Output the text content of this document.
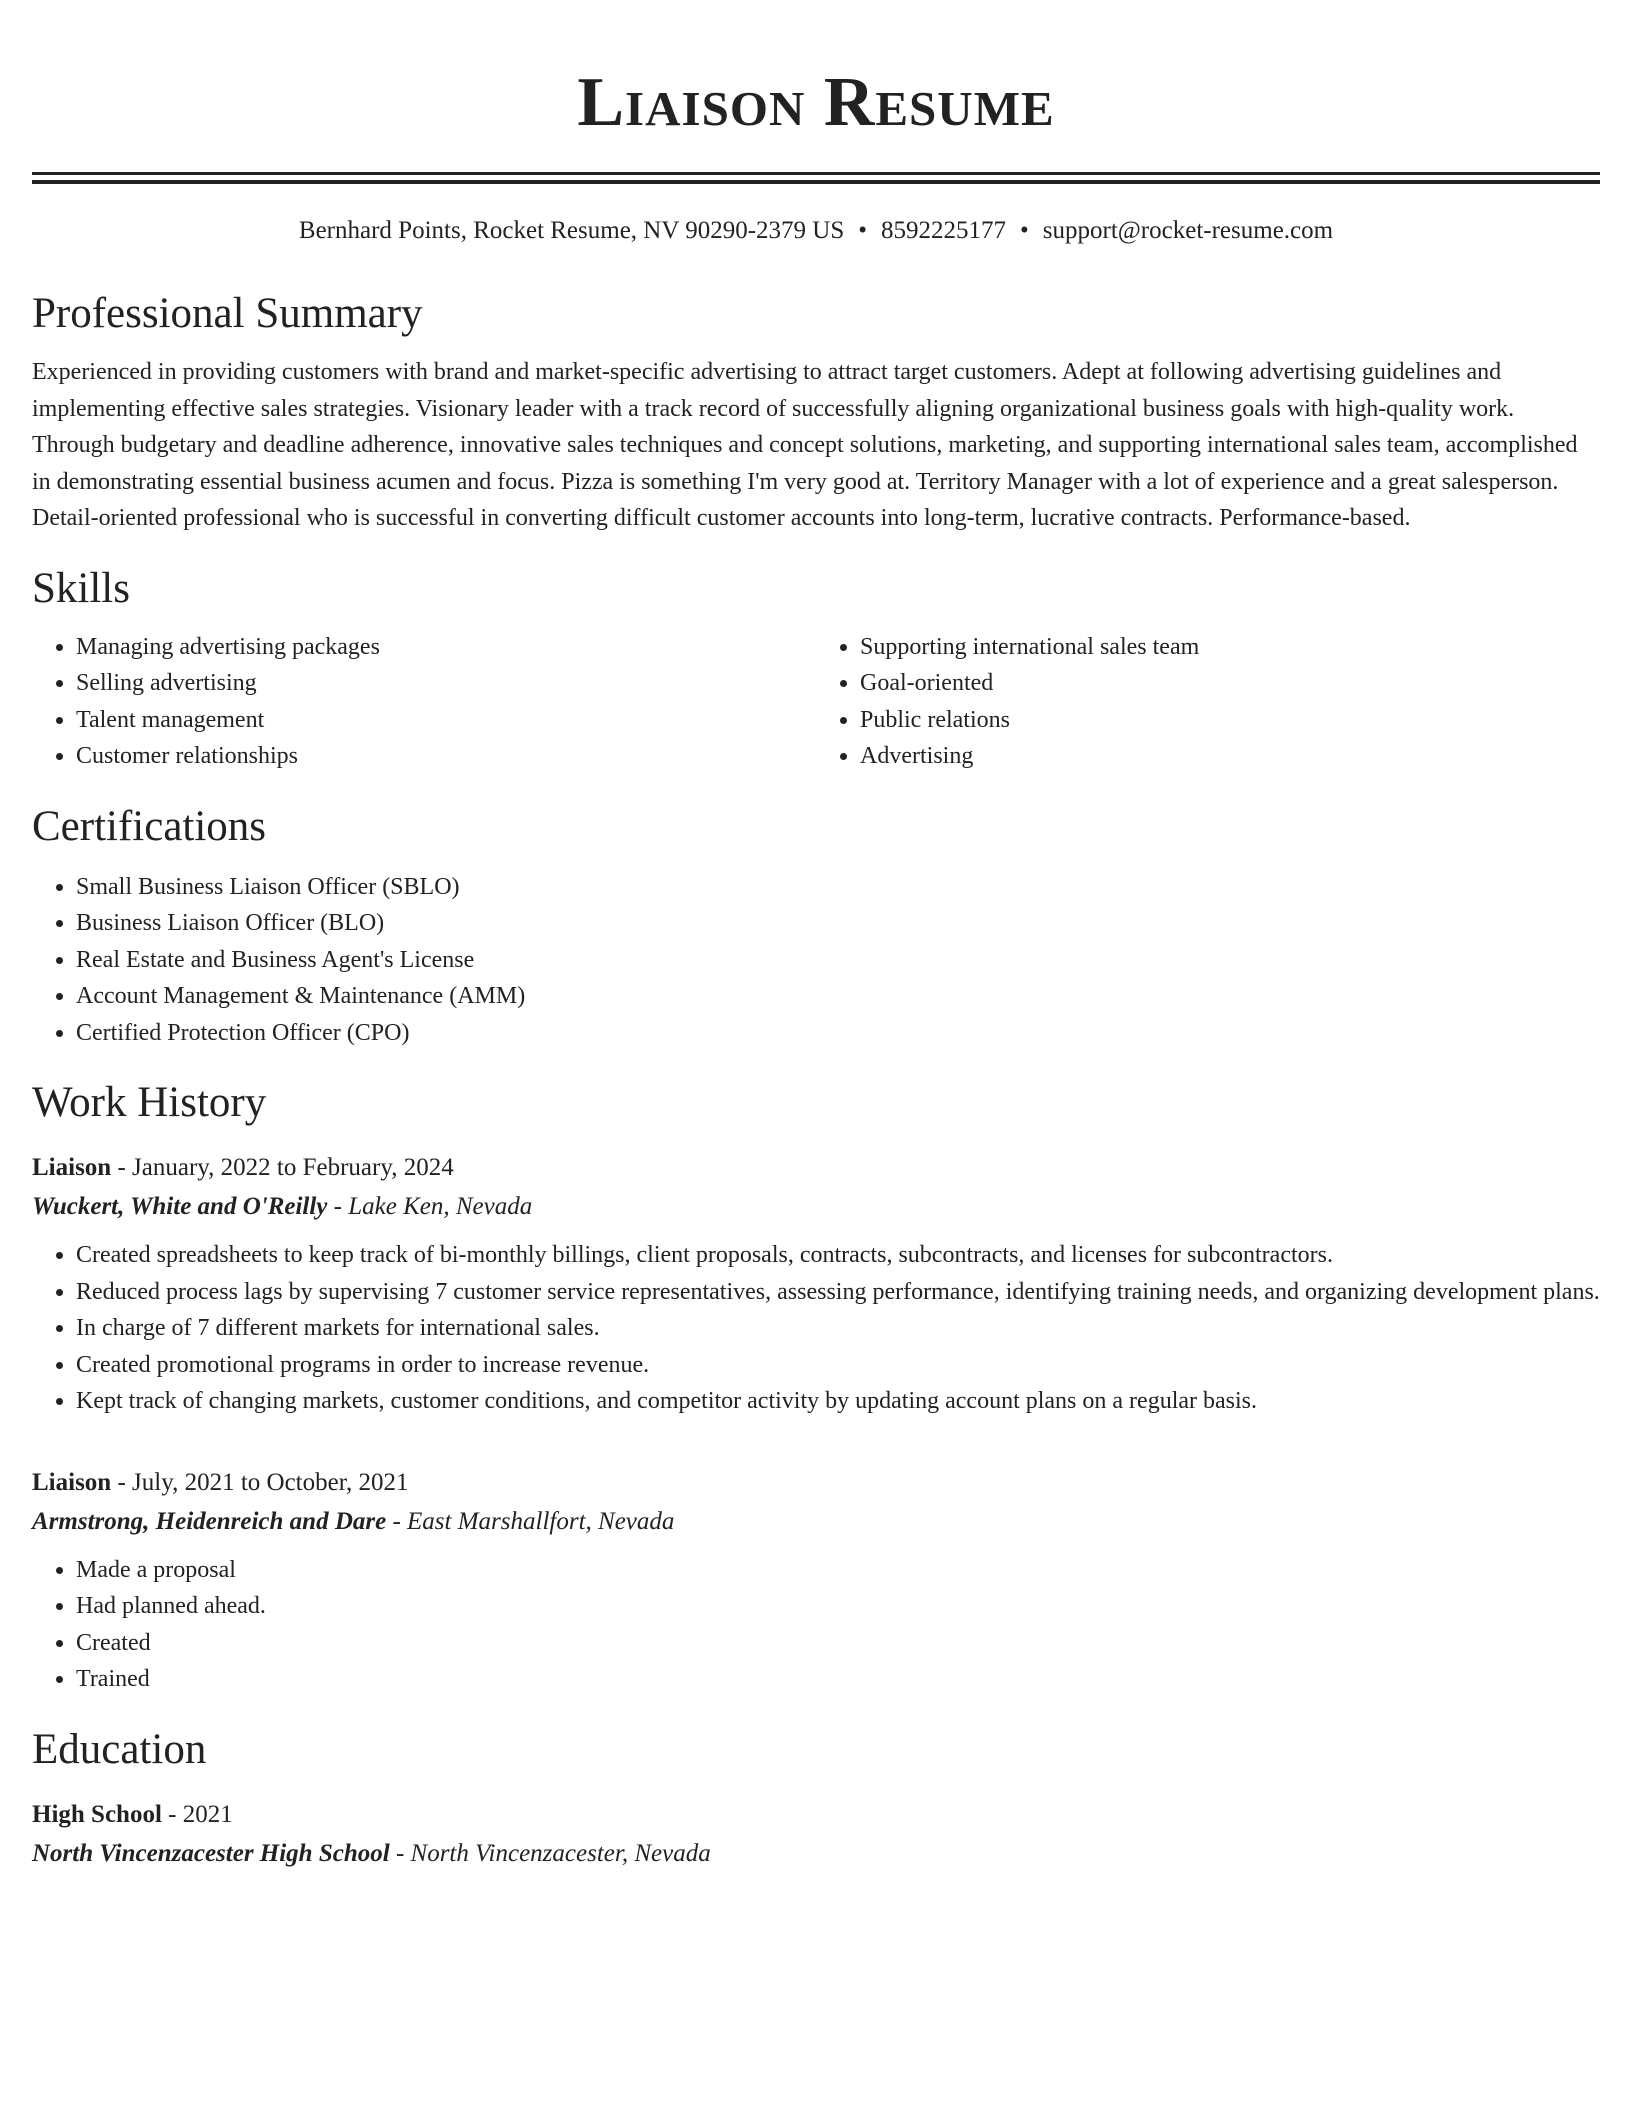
Liaison Resume
Bernhard Points, Rocket Resume, NV 90290-2379 US • 8592225177 • support@rocket-resume.com
Professional Summary

Experienced in providing customers with brand and market-specific advertising to attract target customers. Adept at following advertising guidelines and implementing effective sales strategies. Visionary leader with a track record of successfully aligning organizational business goals with high-quality work. Through budgetary and deadline adherence, innovative sales techniques and concept solutions, marketing, and supporting international sales team, accomplished in demonstrating essential business acumen and focus. Pizza is something I'm very good at. Territory Manager with a lot of experience and a great salesperson. Detail-oriented professional who is successful in converting difficult customer accounts into long-term, lucrative contracts. Performance-based.

Skills
• Managing advertising packages
• Selling advertising
• Talent management
• Customer relationships
• Supporting international sales team
• Goal-oriented
• Public relations
• Advertising
Certifications
• Small Business Liaison Officer (SBLO)
• Business Liaison Officer (BLO)
• Real Estate and Business Agent's License
• Account Management & Maintenance (AMM)
• Certified Protection Officer (CPO)
Work History
Liaison - January, 2022 to February, 2024
Wuckert, White and O'Reilly - Lake Ken, Nevada
• Created spreadsheets to keep track of bi-monthly billings, client proposals, contracts, subcontracts, and licenses for subcontractors.
• Reduced process lags by supervising 7 customer service representatives, assessing performance, identifying training needs, and organizing development plans.
• In charge of 7 different markets for international sales.
• Created promotional programs in order to increase revenue.
• Kept track of changing markets, customer conditions, and competitor activity by updating account plans on a regular basis.
Liaison - July, 2021 to October, 2021
Armstrong, Heidenreich and Dare - East Marshallfort, Nevada
• Made a proposal
• Had planned ahead.
• Created
• Trained
Education
High School - 2021
North Vincenzacester High School - North Vincenzacester, Nevada
